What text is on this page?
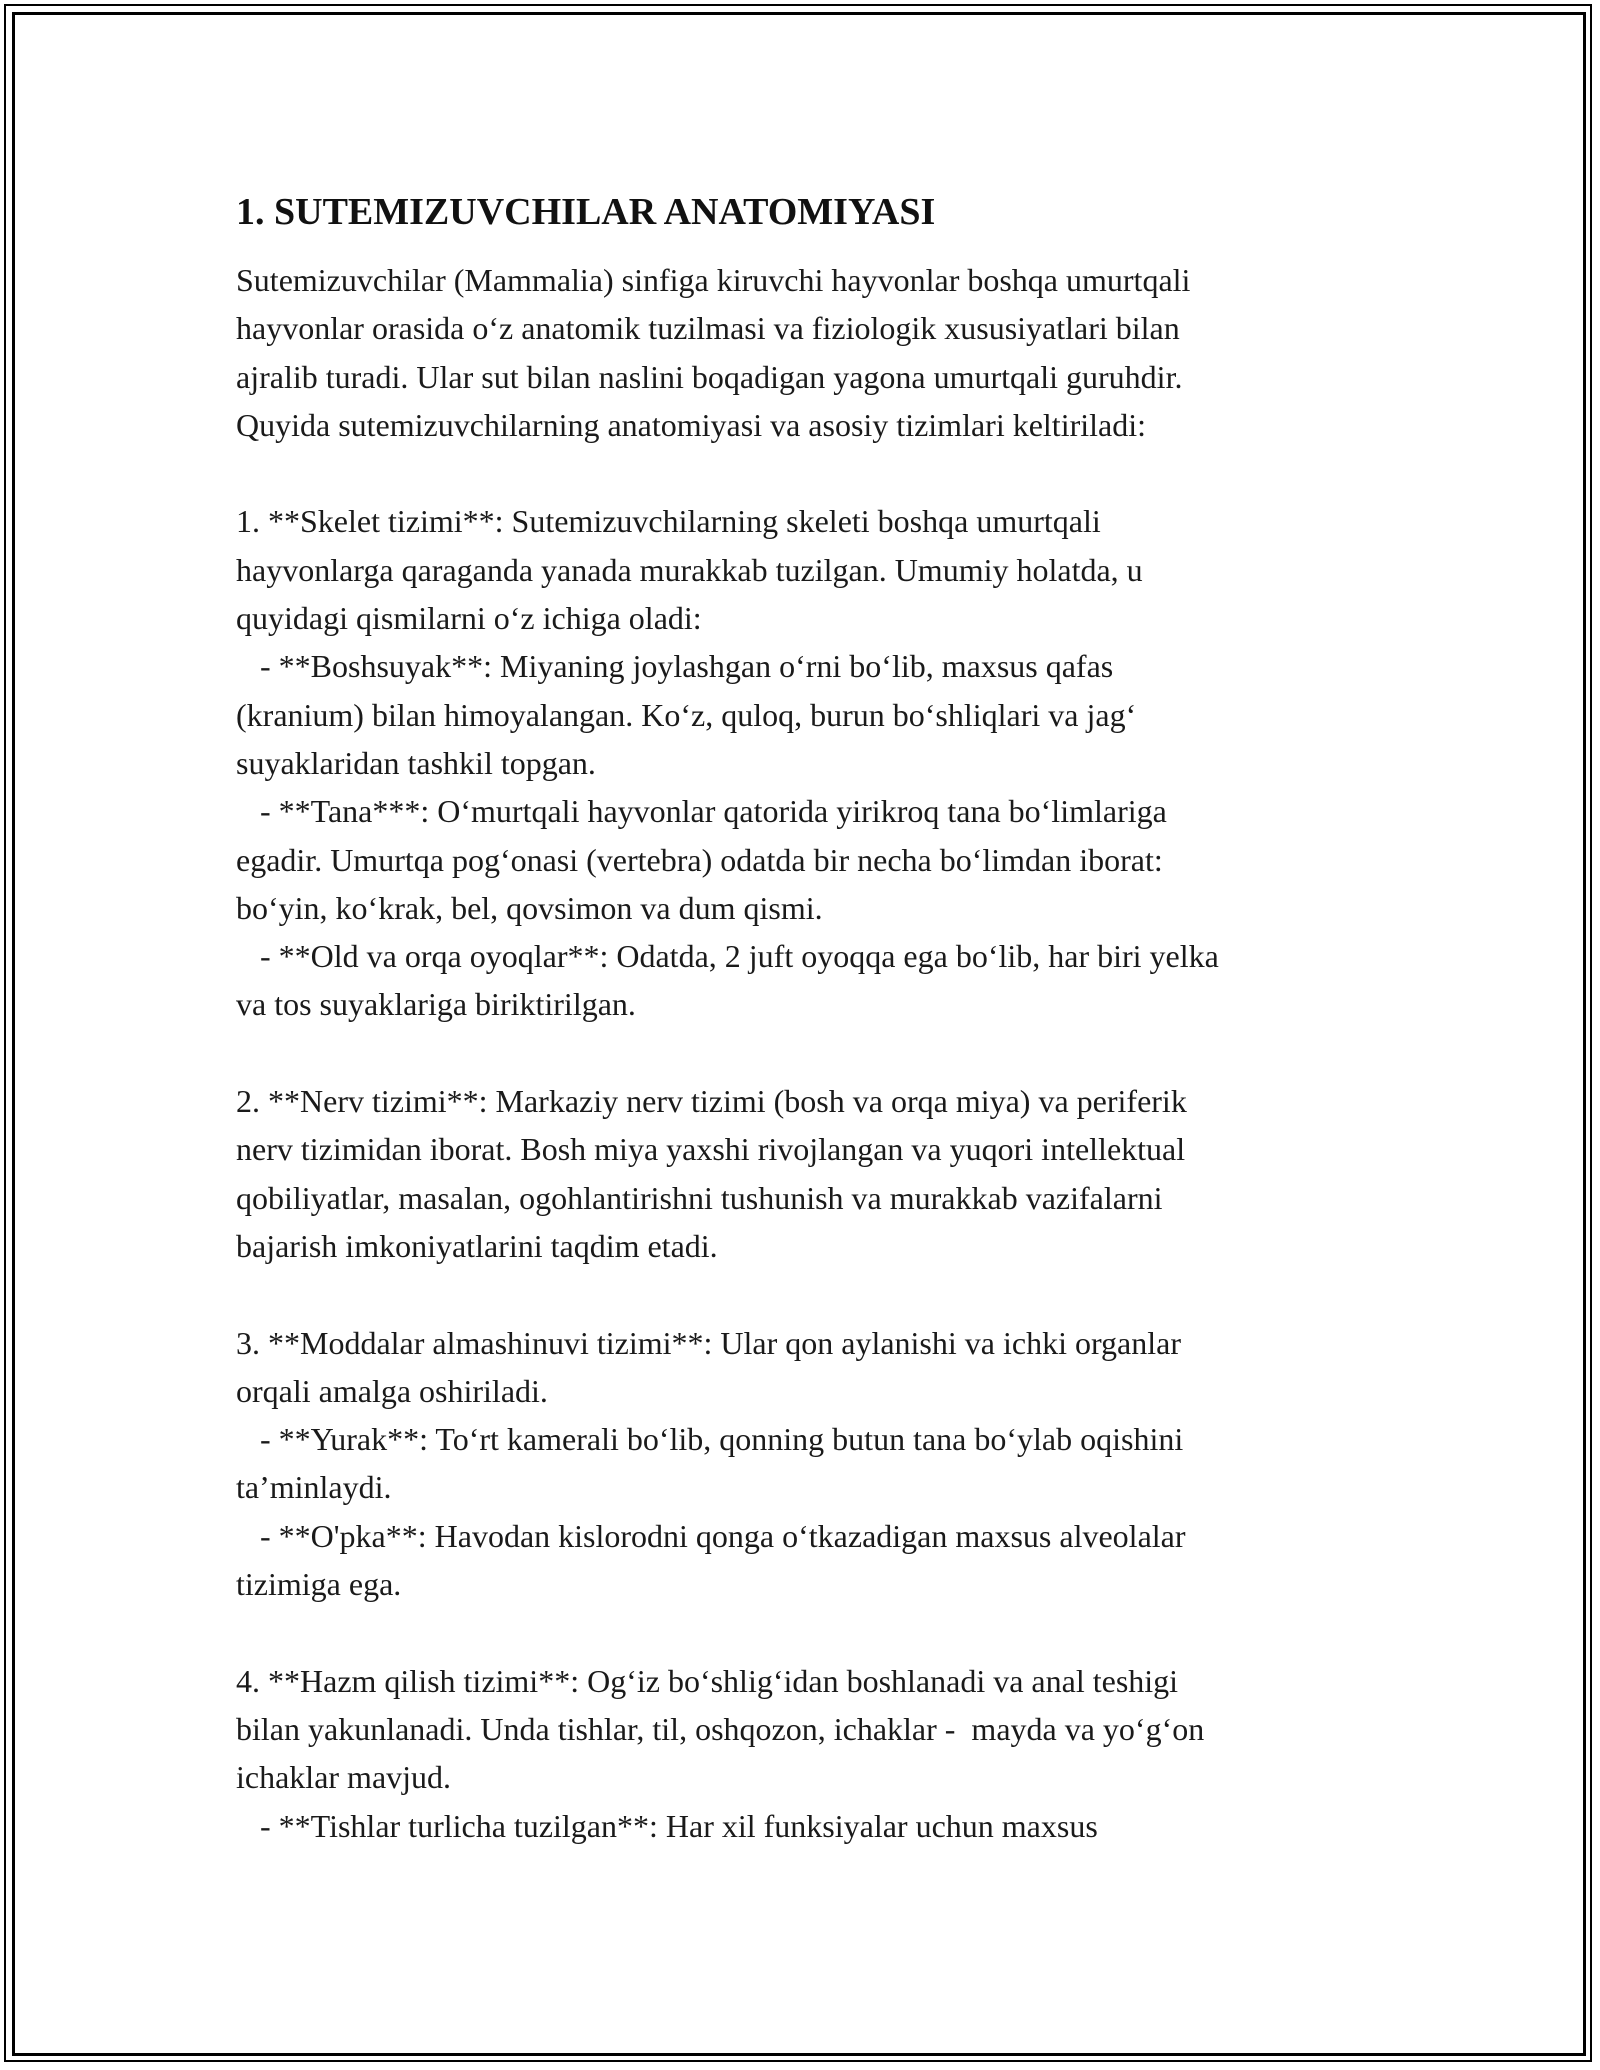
1. SUTEMIZUVCHILAR ANATOMIYASI
Sutemizuvchilar (Mammalia) sinfiga kiruvchi hayvonlar boshqa umurtqali
hayvonlar orasida o‘z anatomik tuzilmasi va fiziologik xususiyatlari bilan
ajralib turadi. Ular sut bilan naslini boqadigan yagona umurtqali guruhdir.
Quyida sutemizuvchilarning anatomiyasi va asosiy tizimlari keltiriladi:
1. **Skelet tizimi**: Sutemizuvchilarning skeleti boshqa umurtqali
hayvonlarga qaraganda yanada murakkab tuzilgan. Umumiy holatda, u
quyidagi qismilarni o‘z ichiga oladi:
- **Boshsuyak**: Miyaning joylashgan o‘rni bo‘lib, maxsus qafas
(kranium) bilan himoyalangan. Ko‘z, quloq, burun bo‘shliqlari va jag‘
suyaklaridan tashkil topgan.
- **Tana***: O‘murtqali hayvonlar qatorida yirikroq tana bo‘limlariga
egadir. Umurtqa pog‘onasi (vertebra) odatda bir necha bo‘limdan iborat:
bo‘yin, ko‘krak, bel, qovsimon va dum qismi.
- **Old va orqa oyoqlar**: Odatda, 2 juft oyoqqa ega bo‘lib, har biri yelka
va tos suyaklariga biriktirilgan.
2. **Nerv tizimi**: Markaziy nerv tizimi (bosh va orqa miya) va periferik
nerv tizimidan iborat. Bosh miya yaxshi rivojlangan va yuqori intellektual
qobiliyatlar, masalan, ogohlantirishni tushunish va murakkab vazifalarni
bajarish imkoniyatlarini taqdim etadi.
3. **Moddalar almashinuvi tizimi**: Ular qon aylanishi va ichki organlar
orqali amalga oshiriladi.
- **Yurak**: To‘rt kamerali bo‘lib, qonning butun tana bo‘ylab oqishini
ta’minlaydi.
- **O'pka**: Havodan kislorodni qonga o‘tkazadigan maxsus alveolalar
tizimiga ega.
4. **Hazm qilish tizimi**: Og‘iz bo‘shlig‘idan boshlanadi va anal teshigi
bilan yakunlanadi. Unda tishlar, til, oshqozon, ichaklar -  mayda va yo‘g‘on
ichaklar mavjud.
- **Tishlar turlicha tuzilgan**: Har xil funksiyalar uchun maxsus
